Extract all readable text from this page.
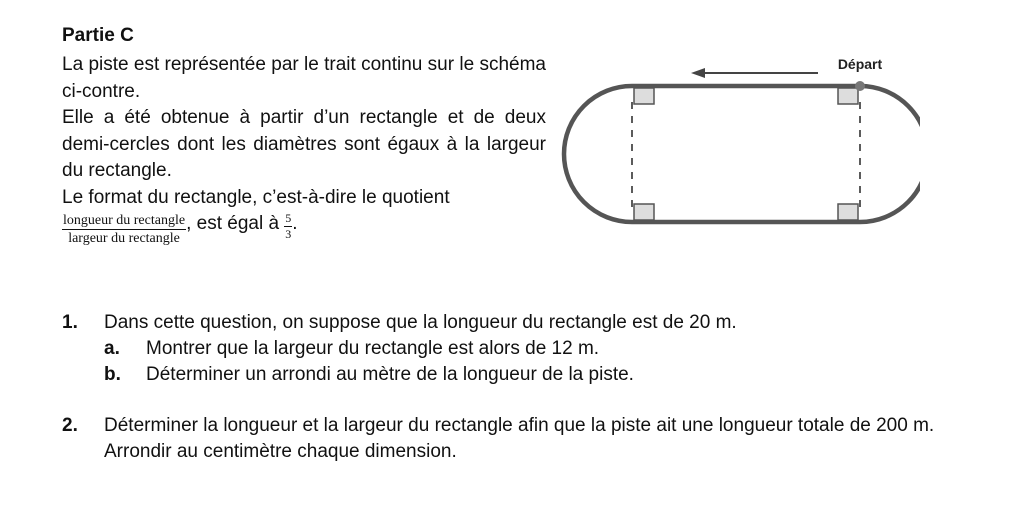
Partie C

La piste est représentée par le trait continu sur le schéma ci-contre.

Elle a été obtenue à partir d’un rectangle et de deux demi-cercles dont les diamètres sont égaux à la largeur du rectangle.

Le format du rectangle, c’est-à-dire le quotient

$\frac{\text{longueur du rectangle}}{\text{largeur du rectangle}}$ , est égal à $\frac{5}{3}$ .

Départ
1. Dans cette question, on suppose que la longueur du rectangle est de 20 m.
a. Montrer que la largeur du rectangle est alors de 12 m.
b. Déterminer un arrondi au mètre de la longueur de la piste.
2. Déterminer la longueur et la largeur du rectangle afin que la piste ait une longueur totale de 200 m. Arrondir au centimètre chaque dimension.
